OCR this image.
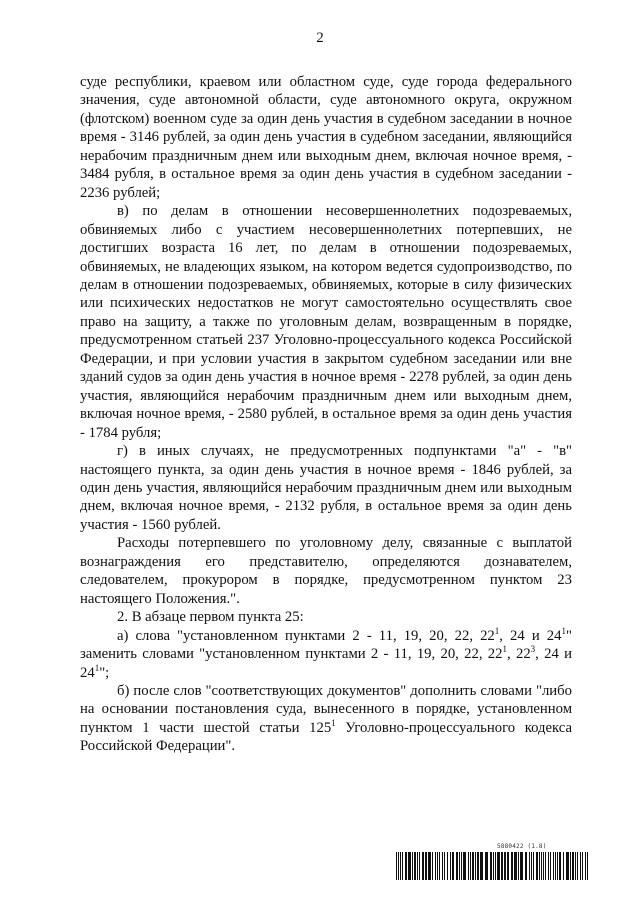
2

суде республики, краевом или областном суде, суде города федерального значения, суде автономной области, суде автономного округа, окружном (флотском) военном суде за один день участия в судебном заседании в ночное время - 3146 рублей, за один день участия в судебном заседании, являющийся нерабочим праздничным днем или выходным днем, включая ночное время, - 3484 рубля, в остальное время за один день участия в судебном заседании - 2236 рублей;

в) по делам в отношении несовершеннолетних подозреваемых, обвиняемых либо с участием несовершеннолетних потерпевших, не достигших возраста 16 лет, по делам в отношении подозреваемых, обвиняемых, не владеющих языком, на котором ведется судопроизводство, по делам в отношении подозреваемых, обвиняемых, которые в силу физических или психических недостатков не могут самостоятельно осуществлять свое право на защиту, а также по уголовным делам, возвращенным в порядке, предусмотренном статьей 237 Уголовно-процессуального кодекса Российской Федерации, и при условии участия в закрытом судебном заседании или вне зданий судов за один день участия в ночное время - 2278 рублей, за один день участия, являющийся нерабочим праздничным днем или выходным днем, включая ночное время, - 2580 рублей, в остальное время за один день участия - 1784 рубля;

г) в иных случаях, не предусмотренных подпунктами "а" - "в" настоящего пункта, за один день участия в ночное время - 1846 рублей, за один день участия, являющийся нерабочим праздничным днем или выходным днем, включая ночное время, - 2132 рубля, в остальное время за один день участия - 1560 рублей.

Расходы потерпевшего по уголовному делу, связанные с выплатой вознаграждения его представителю, определяются дознавателем, следователем, прокурором в порядке, предусмотренном пунктом 23 настоящего Положения.".

2. В абзаце первом пункта 25:

а) слова "установленном пунктами 2 - 11, 19, 20, 22, $22^1$, 24 и $24^1$" заменить словами "установленном пунктами 2 - 11, 19, 20, 22, $22^1$, $22^3$, 24 и $24^1$";

б) после слов "соответствующих документов" дополнить словами "либо на основании постановления суда, вынесенного в порядке, установленном пунктом 1 части шестой статьи $125^1$ Уголовно-процессуального кодекса Российской Федерации".

5880422 (1.8)
